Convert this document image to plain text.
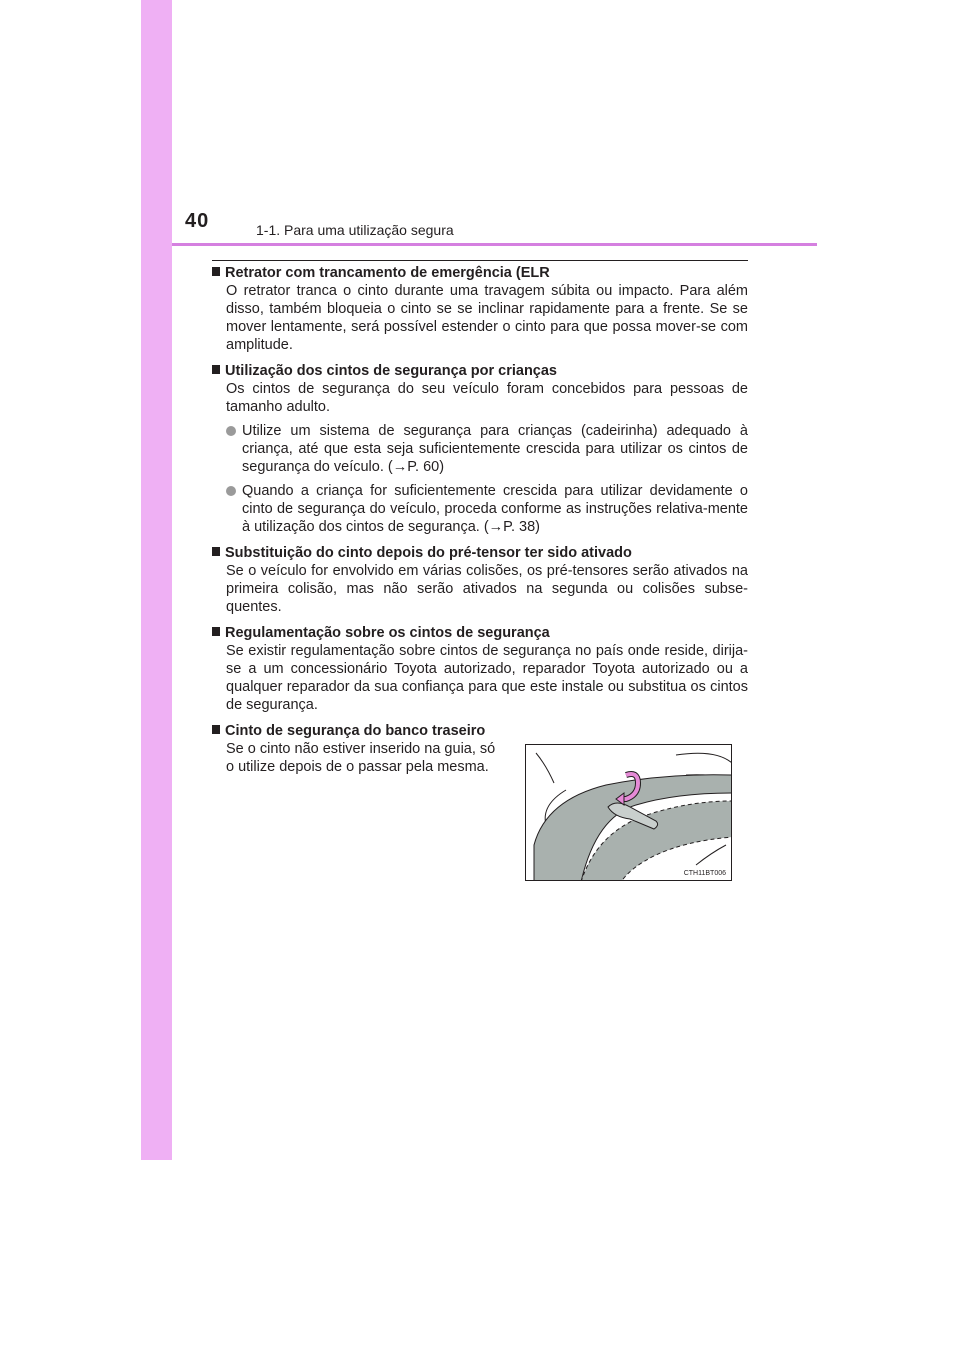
40	1-1. Para uma utilização segura
Retrator com trancamento de emergência (ELR
O retrator tranca o cinto durante uma travagem súbita ou impacto. Para além disso, também bloqueia o cinto se se inclinar rapidamente para a frente. Se se mover lentamente, será possível estender o cinto para que possa mover-se com amplitude.
Utilização dos cintos de segurança por crianças
Os cintos de segurança do seu veículo foram concebidos para pessoas de tamanho adulto.
Utilize um sistema de segurança para crianças (cadeirinha) adequado à criança, até que esta seja suficientemente crescida para utilizar os cintos de segurança do veículo. (→P. 60)
Quando a criança for suficientemente crescida para utilizar devidamente o cinto de segurança do veículo, proceda conforme as instruções relativa-mente à utilização dos cintos de segurança. (→P. 38)
Substituição do cinto depois do pré-tensor ter sido ativado
Se o veículo for envolvido em várias colisões, os pré-tensores serão ativados na primeira colisão, mas não serão ativados na segunda ou colisões subse-quentes.
Regulamentação sobre os cintos de segurança
Se existir regulamentação sobre cintos de segurança no país onde reside, dirija-se a um concessionário Toyota autorizado, reparador Toyota autorizado ou a qualquer reparador da sua confiança para que este instale ou substitua os cintos de segurança.
Cinto de segurança do banco traseiro
Se o cinto não estiver inserido na guia, só o utilize depois de o passar pela mesma.
CTH11BT006
